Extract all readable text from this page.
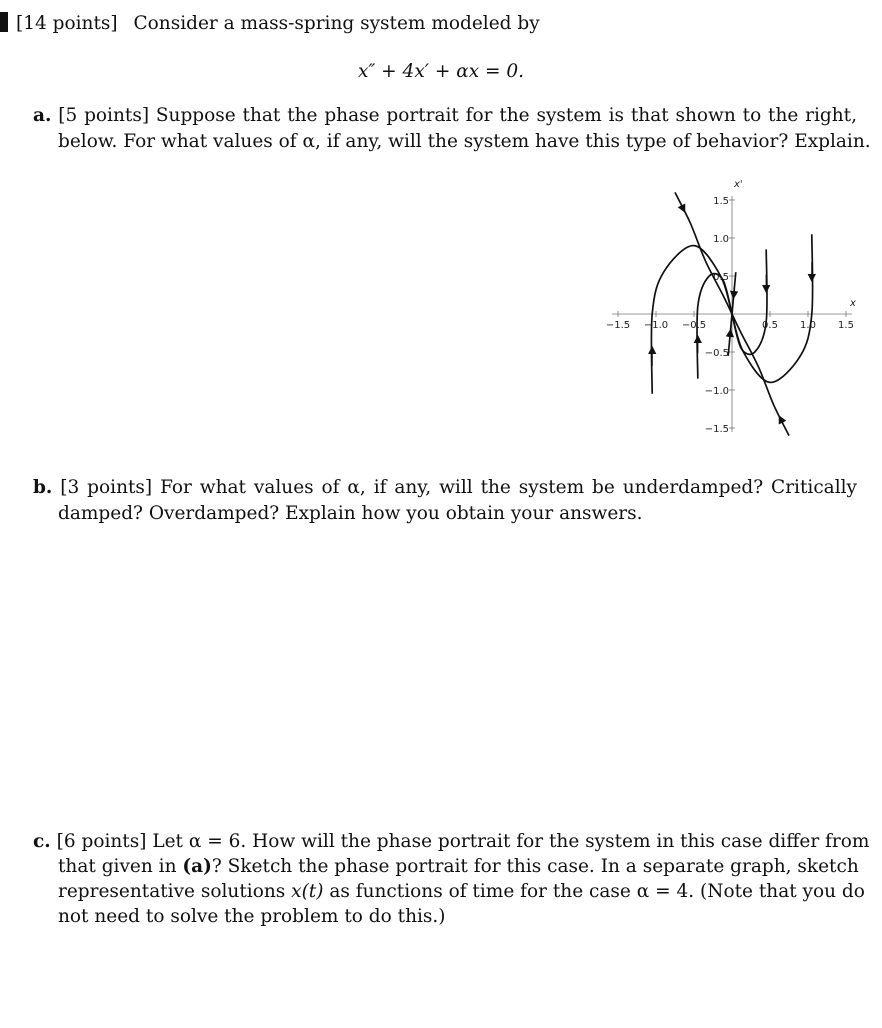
[14 points] Consider a mass-spring system modeled by
x″ + 4x′ + αx = 0.
a. [5 points] Suppose that the phase portrait for the system is that shown to the right,
below. For what values of α, if any, will the system have this type of behavior? Explain.
x
x'
−1.5 −1.0 −0.5	0.5 1.0 1.5
1.5
1.0
0.5
−0.5
−1.0
−1.5
b. [3 points] For what values of α, if any, will the system be underdamped? Critically
damped? Overdamped? Explain how you obtain your answers.
c. [6 points] Let α = 6. How will the phase portrait for the system in this case differ from
that given in (a)? Sketch the phase portrait for this case. In a separate graph, sketch
representative solutions x(t) as functions of time for the case α = 4. (Note that you do
not need to solve the problem to do this.)
